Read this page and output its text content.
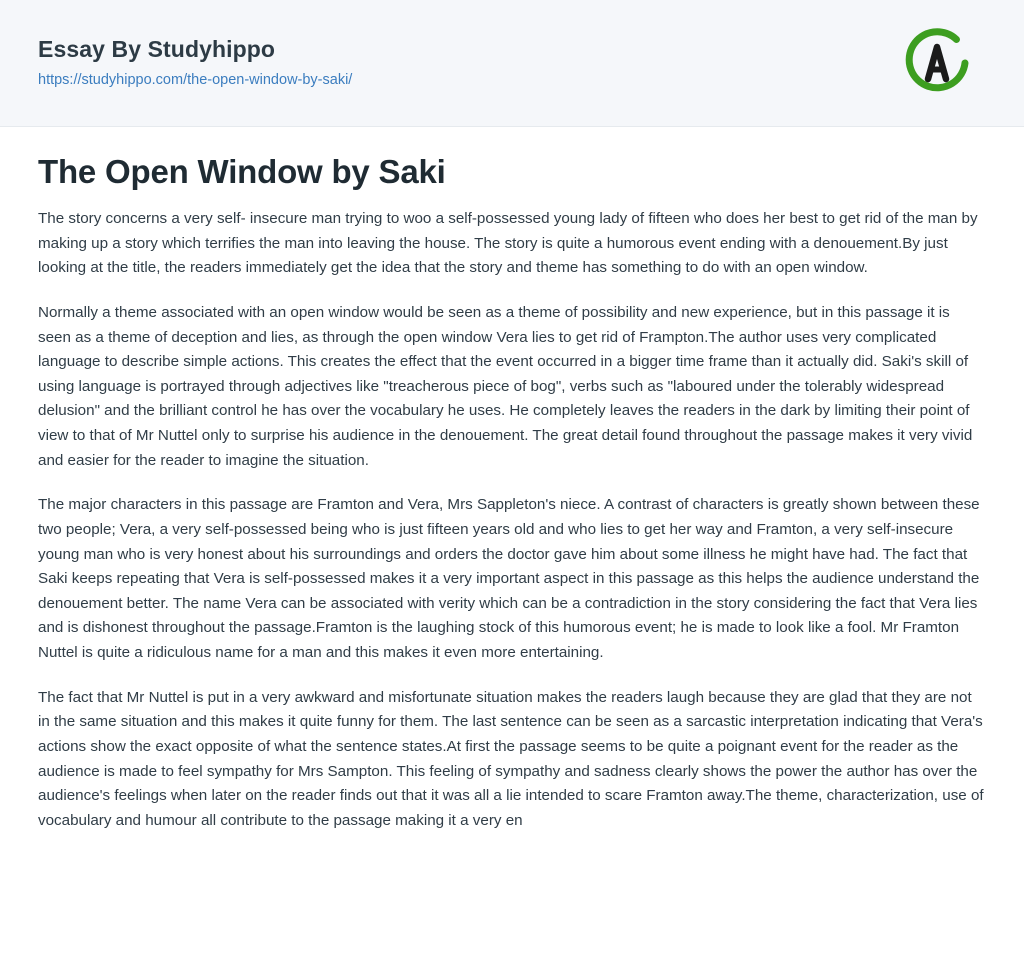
Essay By Studyhippo
https://studyhippo.com/the-open-window-by-saki/
The Open Window by Saki

The story concerns a very self- insecure man trying to woo a self-possessed young lady of fifteen who does her best to get rid of the man by making up a story which terrifies the man into leaving the house. The story is quite a humorous event ending with a denouement.By just looking at the title, the readers immediately get the idea that the story and theme has something to do with an open window.

Normally a theme associated with an open window would be seen as a theme of possibility and new experience, but in this passage it is seen as a theme of deception and lies, as through the open window Vera lies to get rid of Frampton.The author uses very complicated language to describe simple actions. This creates the effect that the event occurred in a bigger time frame than it actually did. Saki's skill of using language is portrayed through adjectives like "treacherous piece of bog", verbs such as "laboured under the tolerably widespread delusion" and the brilliant control he has over the vocabulary he uses. He completely leaves the readers in the dark by limiting their point of view to that of Mr Nuttel only to surprise his audience in the denouement. The great detail found throughout the passage makes it very vivid and easier for the reader to imagine the situation.

The major characters in this passage are Framton and Vera, Mrs Sappleton's niece. A contrast of characters is greatly shown between these two people; Vera, a very self-possessed being who is just fifteen years old and who lies to get her way and Framton, a very self-insecure young man who is very honest about his surroundings and orders the doctor gave him about some illness he might have had. The fact that Saki keeps repeating that Vera is self-possessed makes it a very important aspect in this passage as this helps the audience understand the denouement better. The name Vera can be associated with verity which can be a contradiction in the story considering the fact that Vera lies and is dishonest throughout the passage.Framton is the laughing stock of this humorous event; he is made to look like a fool. Mr Framton Nuttel is quite a ridiculous name for a man and this makes it even more entertaining.

The fact that Mr Nuttel is put in a very awkward and misfortunate situation makes the readers laugh because they are glad that they are not in the same situation and this makes it quite funny for them. The last sentence can be seen as a sarcastic interpretation indicating that Vera's actions show the exact opposite of what the sentence states.At first the passage seems to be quite a poignant event for the reader as the audience is made to feel sympathy for Mrs Sampton. This feeling of sympathy and sadness clearly shows the power the author has over the audience's feelings when later on the reader finds out that it was all a lie intended to scare Framton away.The theme, characterization, use of vocabulary and humour all contribute to the passage making it a very en
